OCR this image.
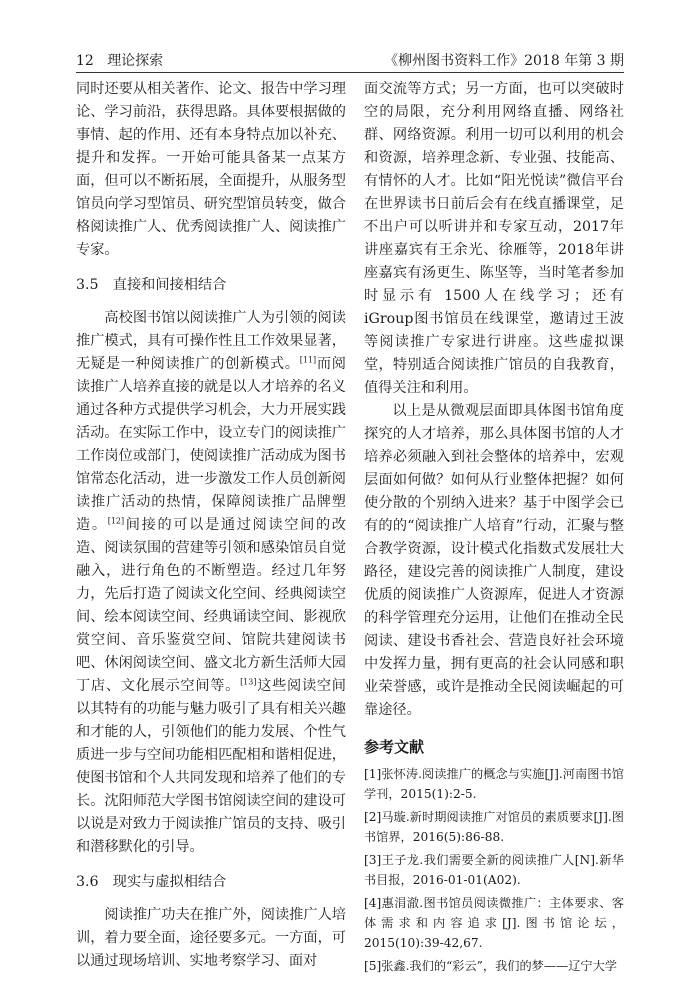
12 理论探索	《柳州图书资料工作》2018 年第 3 期

同时还要从相关著作、论文、报告中学习理论、学习前沿，获得思路。具体要根据做的事情、起的作用、还有本身特点加以补充、提升和发挥。一开始可能具备某一点某方面，但可以不断拓展，全面提升，从服务型馆员向学习型馆员、研究型馆员转变，做合格阅读推广人、优秀阅读推广人、阅读推广专家。

3.5　直接和间接相结合

高校图书馆以阅读推广人为引领的阅读推广模式，具有可操作性且工作效果显著，无疑是一种阅读推广的创新模式。[11]而阅读推广人培养直接的就是以人才培养的名义通过各种方式提供学习机会，大力开展实践活动。在实际工作中，设立专门的阅读推广工作岗位或部门，使阅读推广活动成为图书馆常态化活动，进一步激发工作人员创新阅读推广活动的热情，保障阅读推广品牌塑造。[12]间接的可以是通过阅读空间的改造、阅读氛围的营建等引领和感染馆员自觉融入，进行角色的不断塑造。经过几年努力，先后打造了阅读文化空间、经典阅读空间、绘本阅读空间、经典诵读空间、影视欣赏空间、音乐鉴赏空间、馆院共建阅读书吧、休闲阅读空间、盛文北方新生活师大园丁店、文化展示空间等。[13]这些阅读空间以其特有的功能与魅力吸引了具有相关兴趣和才能的人，引领他们的能力发展、个性气质进一步与空间功能相匹配相和谐相促进，使图书馆和个人共同发现和培养了他们的专长。沈阳师范大学图书馆阅读空间的建设可以说是对致力于阅读推广馆员的支持、吸引和潜移默化的引导。

3.6　现实与虚拟相结合

阅读推广功夫在推广外，阅读推广人培训，着力要全面，途径要多元。一方面，可以通过现场培训、实地考察学习、面对

面交流等方式；另一方面，也可以突破时空的局限，充分利用网络直播、网络社群、网络资源。利用一切可以利用的机会和资源，培养理念新、专业强、技能高、有情怀的人才。比如“阳光悦读”微信平台在世界读书日前后会有在线直播课堂，足不出户可以听讲并和专家互动，2017年讲座嘉宾有王余光、徐雁等，2018年讲座嘉宾有汤更生、陈坚等，当时笔者参加时显示有 1500人在线学习；还有 iGroup图书馆员在线课堂，邀请过王波等阅读推广专家进行讲座。这些虚拟课堂，特别适合阅读推广馆员的自我教育，值得关注和利用。

以上是从微观层面即具体图书馆角度探究的人才培养，那么具体图书馆的人才培养必须融入到社会整体的培养中，宏观层面如何做？如何从行业整体把握？如何使分散的个别纳入进来？基于中图学会已有的的“阅读推广人培育”行动，汇聚与整合教学资源，设计模式化指数式发展壮大路径，建设完善的阅读推广人制度，建设优质的阅读推广人资源库，促进人才资源的科学管理充分运用，让他们在推动全民阅读、建设书香社会、营造良好社会环境中发挥力量，拥有更高的社会认同感和职业荣誉感，或许是推动全民阅读崛起的可靠途径。

参考文献
[1]张怀涛.阅读推广的概念与实施[J].河南图书馆学刊，2015(1):2-5.
[2]马璇.新时期阅读推广对馆员的素质要求[J].图书馆界，2016(5):86-88.
[3]王子龙.我们需要全新的阅读推广人[N].新华书目报，2016-01-01(A02).
[4]惠涓澈.图书馆员阅读微推广：主体要求、客体需求和内容追求[J].图书馆论坛，2015(10):39-42,67.
[5]张鑫.我们的“彩云”，我们的梦——辽宁大学
